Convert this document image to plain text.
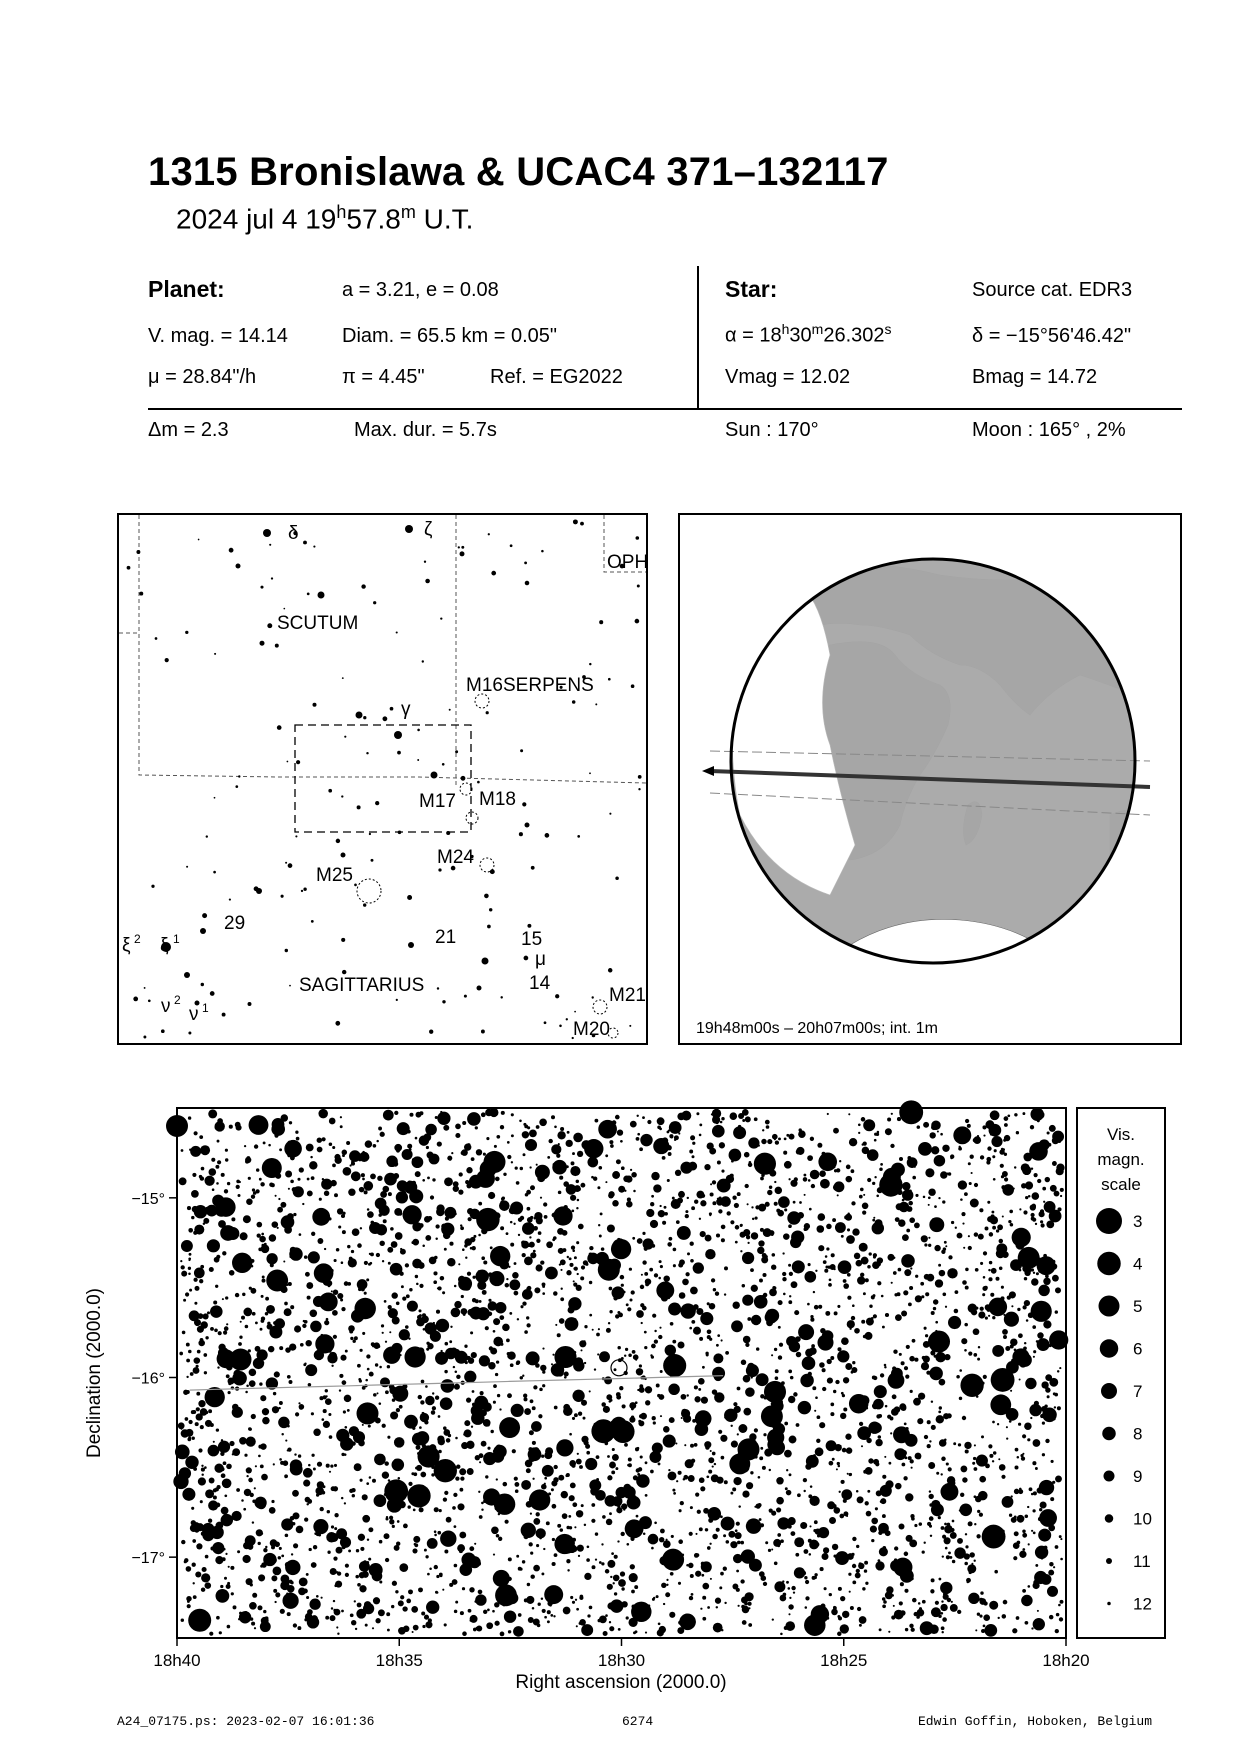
1315 Bronislawa & UCAC4 371–132117
2024 jul 4 19$^h$57.8$^m$ U.T.
Planet:	a = 3.21, e = 0.08
V. mag. = 14.14	Diam. = 65.5 km = 0.05"
μ = 28.84"/h	π = 4.45"	Ref. = EG2022
Star:	Source cat. EDR3
$\alpha = 18^h30^m26.302^s$	δ = −15°56'46.42"
Vmag = 12.02	Bmag = 14.72
Δm = 2.3	Max. dur. = 5.7s	Sun : 170°	Moon : 165° , 2%
SCUTUM
SERPENS
SAGITTARIUS
OPH
M16
M17 M18
M24
M25
M21
M20
δ	ζ
γ
29
21	15
μ
14
ξ 2 ξ 1
ν 2
ν 1
19h48m00s – 20h07m00s; int. 1m
18h40	18h35	18h30	18h25	18h20
−15°
−16°
−17°
Right ascension (2000.0)
Declination (2000.0)
Vis.
magn.
scale
3
4
5
6
7
8
9
10
11
12
A24_07175.ps: 2023-02-07 16:01:36	6274	Edwin Goffin, Hoboken, Belgium
